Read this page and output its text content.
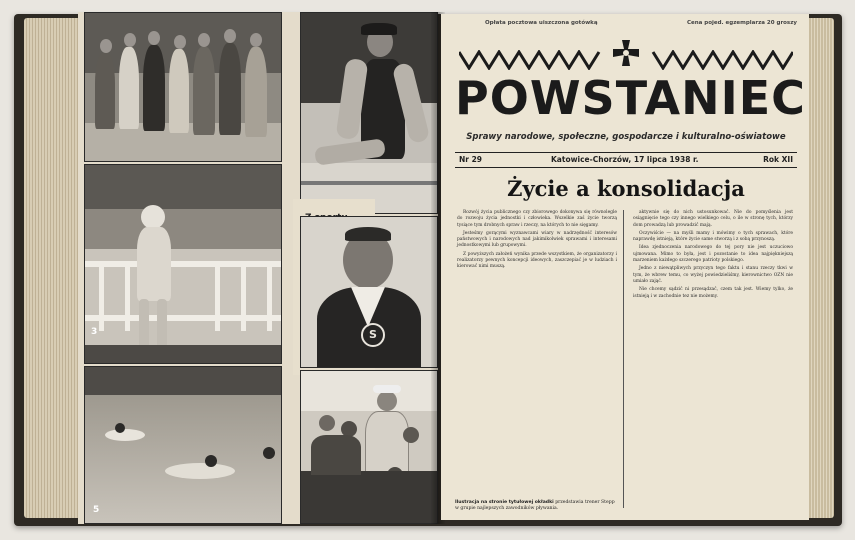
3	S
5
Opłata pocztowa uiszczona gotówką	Cena pojed. egzemplarza 20 groszy
POWSTANIEC
Sprawy narodowe, społeczne, gospodarcze i kulturalno-oświatowe
Nr 29	Katowice-Chorzów, 17 lipca 1938 r.	Rok XII
Życie a konsolidacja

Rozwój życia publicznego czy zbiorowego dokonywa się równolegle do rozwoju życia jednostki i człowieka. Wszelkie zaś życie tworzą tysiące tym drobnych spraw i rzeczy, na których to nie sięgamy.

Jesteśmy gorącymi wyznawcami wiary w nadrzędność interesów państwowych i narodowych nad jakimikolwiek sprawami i interesami jednostkowymi lub grupowymi.

Z powyższych założeń wynika przede wszystkiem, że organizatorzy i realizatorzy pewnych koncepcji ideowych, zaszczepiać je w ludziach i kierować nimi muszą.

aktywnie się do nich ustosunkować. Nie do pomyślenia jest osiągnięcie tego czy innego wielkiego celu, o ile w stronę tych, którzy dom prowadzą lub prowadzić mają.

Oczywiście — na myśli mamy i mówimy o tych sprawach, które naprawdę istnieją, które życie same stworzą i z sobą przynoszą.

Idea zjednoczenia narodowego do tej pory nie jest uczuciowo ujmowana. Mimo to była, jest i pozostanie to idea najpiękniejszą marzeniem każdego szczerego patrioty polskiego.

Jedno z niewątpliwych przyczyn tego faktu i stanu rzeczy tkwi w tym, że wbrew temu, co wyżej powiedzieliśmy, kierownictwo OZN nie umiało zająć.

Nie chcemy sądzić ni przesądzać, czem tak jest. Wiemy tylko, że istnieją i w zachodnie tez nie możemy.

Ilustracja na stronie tytułowej okładki przedstawia trener Stepp w grupie najlepszych zawodników pływania.
